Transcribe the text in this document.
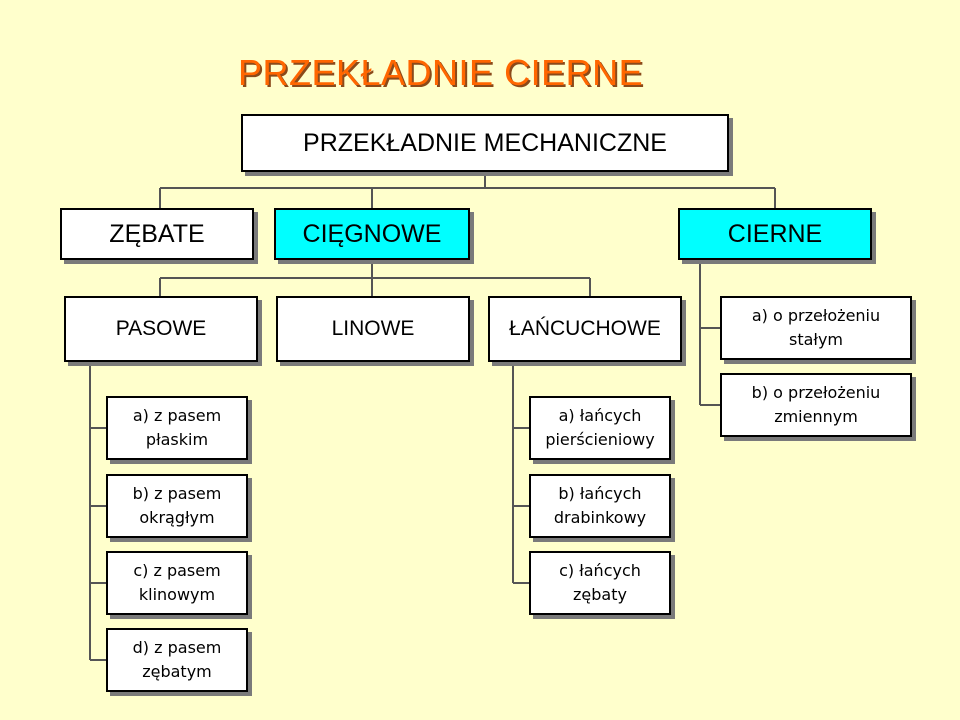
PRZEKŁADNIE CIERNE
PRZEKŁADNIE MECHANICZNE
ZĘBATE	CIĘGNOWE	CIERNE
PASOWE	LINOWE	ŁAŃCUCHOWE
a) o przełożeniu
stałym
b) o przełożeniu
zmiennym
a) z pasem
płaskim
b) z pasem
okrągłym
c) z pasem
klinowym
d) z pasem
zębatym
a) łańcych
pierścieniowy
b) łańcych
drabinkowy
c) łańcych
zębaty
